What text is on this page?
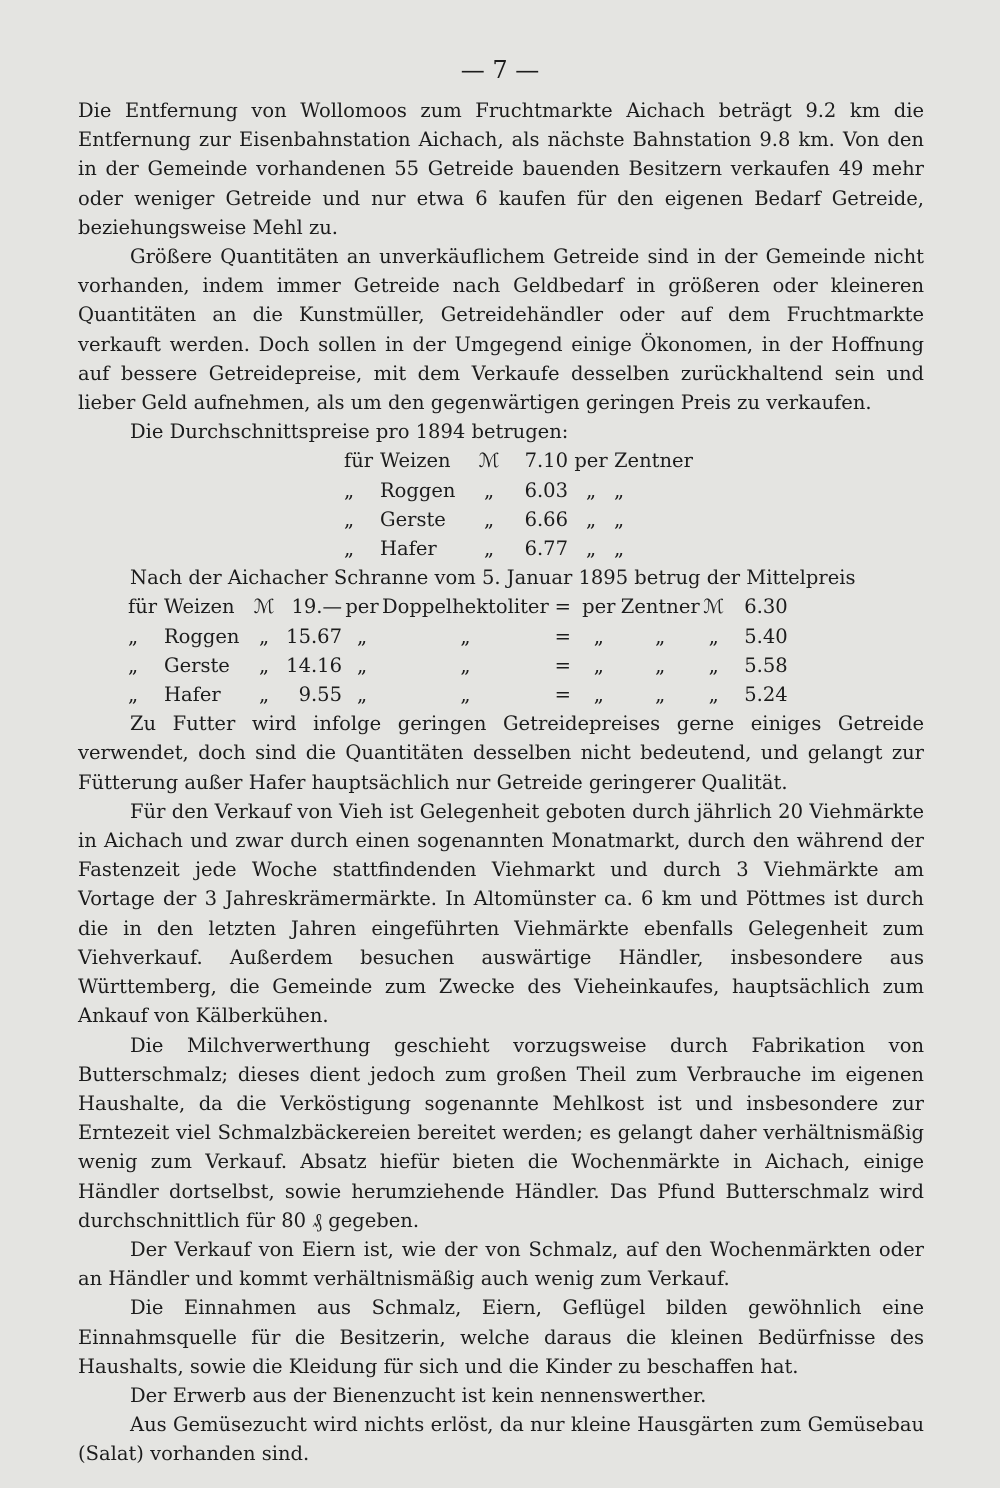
— 7 —

Die Entfernung von Wollomoos zum Fruchtmarkte Aichach beträgt 9.2 km die Entfernung zur Eisenbahnstation Aichach, als nächste Bahnstation 9.8 km. Von den in der Gemeinde vorhandenen 55 Getreide bauenden Besitzern verkaufen 49 mehr oder weniger Getreide und nur etwa 6 kaufen für den eigenen Bedarf Getreide, beziehungsweise Mehl zu.

Größere Quantitäten an unverkäuflichem Getreide sind in der Gemeinde nicht vorhanden, indem immer Getreide nach Geldbedarf in größeren oder kleineren Quantitäten an die Kunstmüller, Getreidehändler oder auf dem Fruchtmarkte verkauft werden. Doch sollen in der Umgegend einige Ökonomen, in der Hoffnung auf bessere Getreidepreise, mit dem Verkaufe desselben zurückhaltend sein und lieber Geld aufnehmen, als um den gegenwärtigen geringen Preis zu verkaufen.

Die Durchschnittspreise pro 1894 betrugen:

für	Weizen	ℳ	7.10	per	Zentner
„	Roggen	„	6.03	„	„
„	Gerste	„	6.66	„	„
„	Hafer	„	6.77	„	„

Nach der Aichacher Schranne vom 5. Januar 1895 betrug der Mittelpreis

für	Weizen	ℳ	19.—	per	Doppelhektoliter	=	per	Zentner	ℳ	6.30
„	Roggen	„	15.67	„	„	=	„	„	„	5.40
„	Gerste	„	14.16	„	„	=	„	„	„	5.58
„	Hafer	„	9.55	„	„	=	„	„	„	5.24

Zu Futter wird infolge geringen Getreidepreises gerne einiges Getreide verwendet, doch sind die Quantitäten desselben nicht bedeutend, und gelangt zur Fütterung außer Hafer hauptsächlich nur Getreide geringerer Qualität.

Für den Verkauf von Vieh ist Gelegenheit geboten durch jährlich 20 Viehmärkte in Aichach und zwar durch einen sogenannten Monatmarkt, durch den während der Fastenzeit jede Woche stattfindenden Viehmarkt und durch 3 Viehmärkte am Vortage der 3 Jahreskrämermärkte. In Altomünster ca. 6 km und Pöttmes ist durch die in den letzten Jahren eingeführten Viehmärkte ebenfalls Gelegenheit zum Viehverkauf. Außerdem besuchen auswärtige Händler, insbesondere aus Württemberg, die Gemeinde zum Zwecke des Vieheinkaufes, hauptsächlich zum Ankauf von Kälberkühen.

Die Milchverwerthung geschieht vorzugsweise durch Fabrikation von Butterschmalz; dieses dient jedoch zum großen Theil zum Verbrauche im eigenen Haushalte, da die Verköstigung sogenannte Mehlkost ist und insbesondere zur Erntezeit viel Schmalzbäckereien bereitet werden; es gelangt daher verhältnismäßig wenig zum Verkauf. Absatz hiefür bieten die Wochenmärkte in Aichach, einige Händler dortselbst, sowie herumziehende Händler. Das Pfund Butterschmalz wird durchschnittlich für 80 ₰ gegeben.

Der Verkauf von Eiern ist, wie der von Schmalz, auf den Wochenmärkten oder an Händler und kommt verhältnismäßig auch wenig zum Verkauf.

Die Einnahmen aus Schmalz, Eiern, Geflügel bilden gewöhnlich eine Einnahmsquelle für die Besitzerin, welche daraus die kleinen Bedürfnisse des Haushalts, sowie die Kleidung für sich und die Kinder zu beschaffen hat.

Der Erwerb aus der Bienenzucht ist kein nennenswerther.

Aus Gemüsezucht wird nichts erlöst, da nur kleine Hausgärten zum Gemüsebau (Salat) vorhanden sind.
